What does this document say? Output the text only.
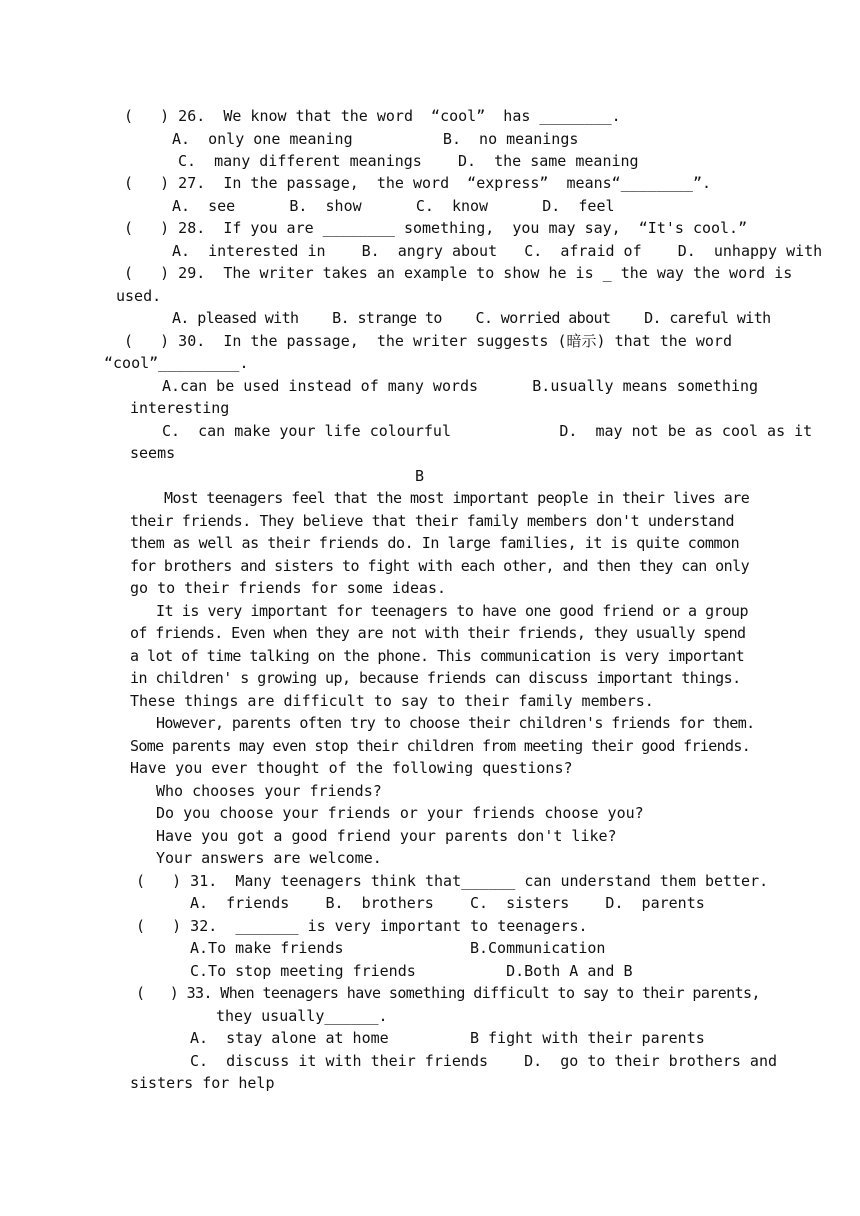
(   ) 26.  We know that the word  “cool”  has ________.
A.  only one meaning          B.  no meanings
C.  many different meanings    D.  the same meaning
(   ) 27.  In the passage,  the word  “express”  means“________”.
A.  see      B.  show      C.  know      D.  feel
(   ) 28.  If you are ________ something,  you may say,  “It's cool.”
A.  interested in    B.  angry about   C.  afraid of    D.  unhappy with
(   ) 29.  The writer takes an example to show he is _ the way the word is
used.
A. pleased with    B. strange to    C. worried about    D. careful with
(   ) 30.  In the passage,  the writer suggests (暗示) that the word
“cool”_________.
A.can be used instead of many words      B.usually means something
interesting
C.  can make your life colourful            D.  may not be as cool as it
seems
B
Most teenagers feel that the most important people in their lives are
their friends. They believe that their family members don't understand
them as well as their friends do. In large families, it is quite common
for brothers and sisters to fight with each other, and then they can only
go to their friends for some ideas.
It is very important for teenagers to have one good friend or a group
of friends. Even when they are not with their friends, they usually spend
a lot of time talking on the phone. This communication is very important
in children' s growing up, because friends can discuss important things.
These things are difficult to say to their family members.
However, parents often try to choose their children's friends for them.
Some parents may even stop their children from meeting their good friends.
Have you ever thought of the following questions?
Who chooses your friends?
Do you choose your friends or your friends choose you?
Have you got a good friend your parents don't like?
Your answers are welcome.
(   ) 31.  Many teenagers think that______ can understand them better.
A.  friends    B.  brothers    C.  sisters    D.  parents
(   ) 32.  _______ is very important to teenagers.
A.To make friends              B.Communication
C.To stop meeting friends          D.Both A and B
(   ) 33. When teenagers have something difficult to say to their parents,
they usually______.
A.  stay alone at home         B fight with their parents
C.  discuss it with their friends    D.  go to their brothers and
sisters for help
